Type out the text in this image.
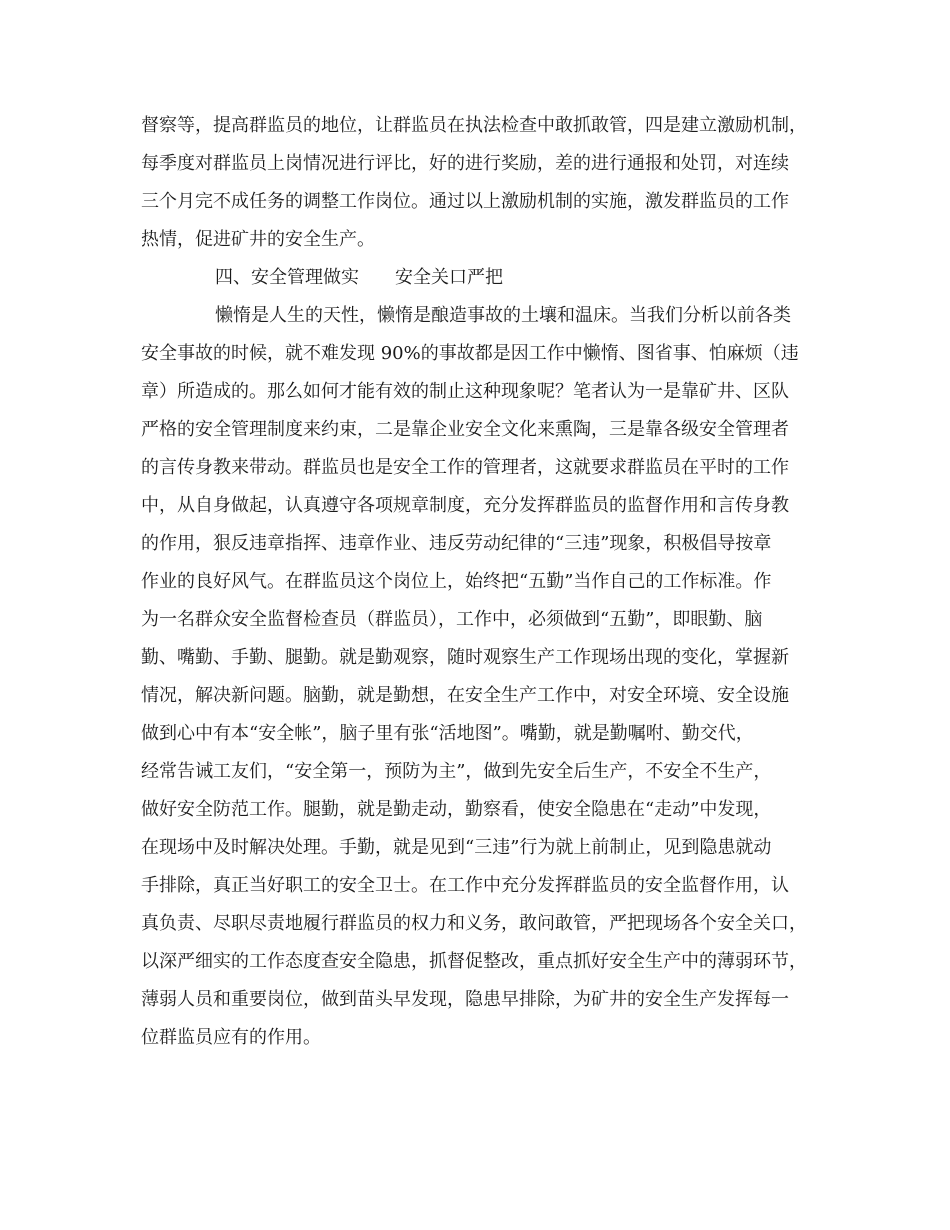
督察等，提高群监员的地位，让群监员在执法检查中敢抓敢管，四是建立激励机制，
每季度对群监员上岗情况进行评比，好的进行奖励，差的进行通报和处罚，对连续
三个月完不成任务的调整工作岗位。通过以上激励机制的实施，激发群监员的工作
热情，促进矿井的安全生产。
四、安全管理做实　　安全关口严把
懒惰是人生的天性，懒惰是酿造事故的土壤和温床。当我们分析以前各类
安全事故的时候，就不难发现 90%的事故都是因工作中懒惰、图省事、怕麻烦（违
章）所造成的。那么如何才能有效的制止这种现象呢？笔者认为一是靠矿井、区队
严格的安全管理制度来约束，二是靠企业安全文化来熏陶，三是靠各级安全管理者
的言传身教来带动。群监员也是安全工作的管理者，这就要求群监员在平时的工作
中，从自身做起，认真遵守各项规章制度，充分发挥群监员的监督作用和言传身教
的作用，狠反违章指挥、违章作业、违反劳动纪律的“三违”现象，积极倡导按章
作业的良好风气。在群监员这个岗位上，始终把“五勤”当作自己的工作标准。作
为一名群众安全监督检查员（群监员），工作中，必须做到“五勤”，即眼勤、脑
勤、嘴勤、手勤、腿勤。就是勤观察，随时观察生产工作现场出现的变化，掌握新
情况，解决新问题。脑勤，就是勤想，在安全生产工作中，对安全环境、安全设施
做到心中有本“安全帐”，脑子里有张“活地图”。嘴勤，就是勤嘱咐、勤交代，
经常告诫工友们，“安全第一，预防为主”，做到先安全后生产，不安全不生产，
做好安全防范工作。腿勤，就是勤走动，勤察看，使安全隐患在“走动”中发现，
在现场中及时解决处理。手勤，就是见到“三违”行为就上前制止，见到隐患就动
手排除，真正当好职工的安全卫士。在工作中充分发挥群监员的安全监督作用，认
真负责、尽职尽责地履行群监员的权力和义务，敢问敢管，严把现场各个安全关口，
以深严细实的工作态度查安全隐患，抓督促整改，重点抓好安全生产中的薄弱环节，
薄弱人员和重要岗位，做到苗头早发现，隐患早排除，为矿井的安全生产发挥每一
位群监员应有的作用。
